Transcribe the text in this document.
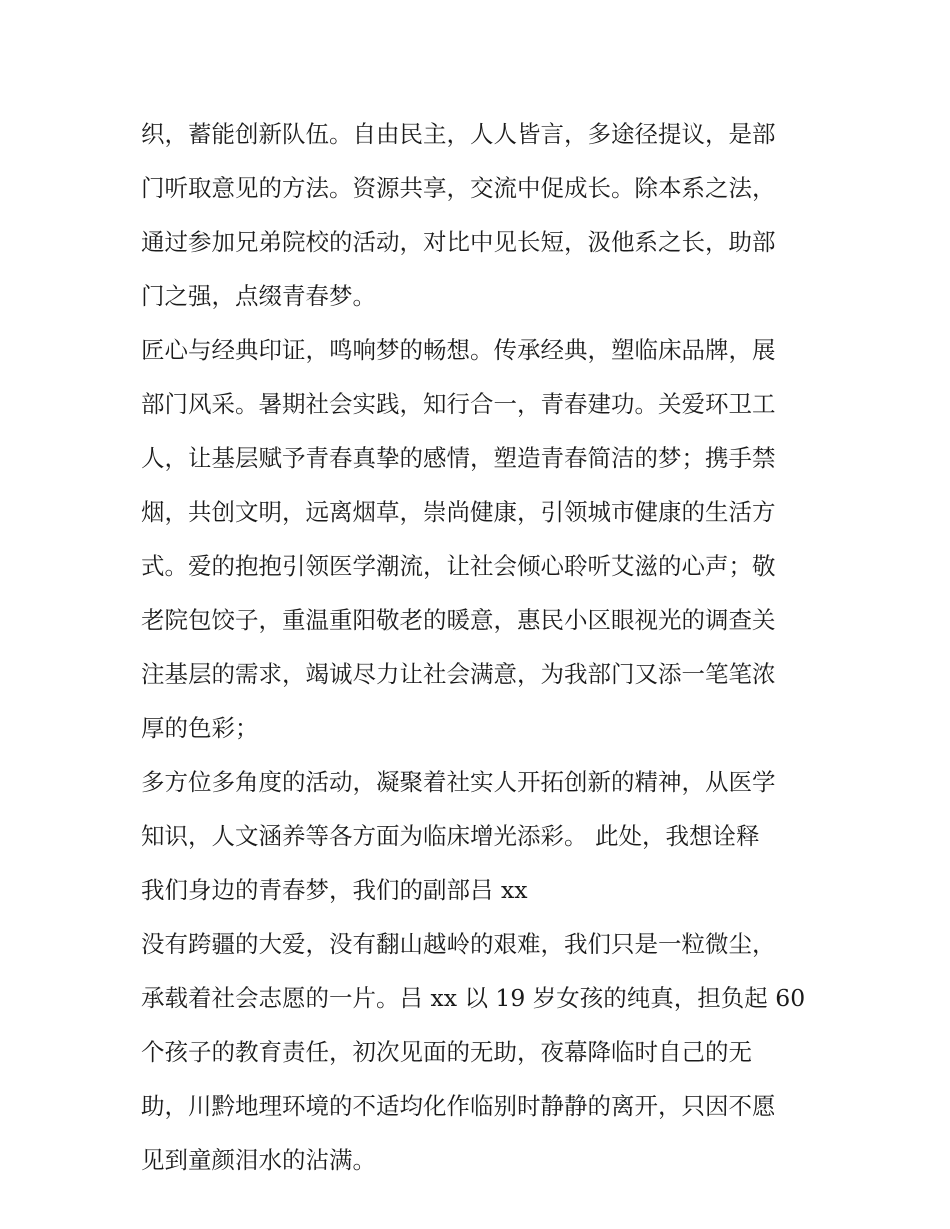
织，蓄能创新队伍。自由民主，人人皆言，多途径提议，是部
门听取意见的方法。资源共享，交流中促成长。除本系之法，
通过参加兄弟院校的活动，对比中见长短，汲他系之长，助部
门之强，点缀青春梦。
匠心与经典印证，鸣响梦的畅想。传承经典，塑临床品牌，展
部门风采。暑期社会实践，知行合一，青春建功。关爱环卫工
人，让基层赋予青春真挚的感情，塑造青春简洁的梦；携手禁
烟，共创文明，远离烟草，崇尚健康，引领城市健康的生活方
式。爱的抱抱引领医学潮流，让社会倾心聆听艾滋的心声；敬
老院包饺子，重温重阳敬老的暖意，惠民小区眼视光的调查关
注基层的需求，竭诚尽力让社会满意，为我部门又添一笔笔浓
厚的色彩；
多方位多角度的活动，凝聚着社实人开拓创新的精神，从医学
知识，人文涵养等各方面为临床增光添彩。 此处，我想诠释
我们身边的青春梦，我们的副部吕 xx
没有跨疆的大爱，没有翻山越岭的艰难，我们只是一粒微尘，
承载着社会志愿的一片。吕 xx 以 19 岁女孩的纯真，担负起 60
个孩子的教育责任，初次见面的无助，夜幕降临时自己的无
助，川黔地理环境的不适均化作临别时静静的离开，只因不愿
见到童颜泪水的沾满。
